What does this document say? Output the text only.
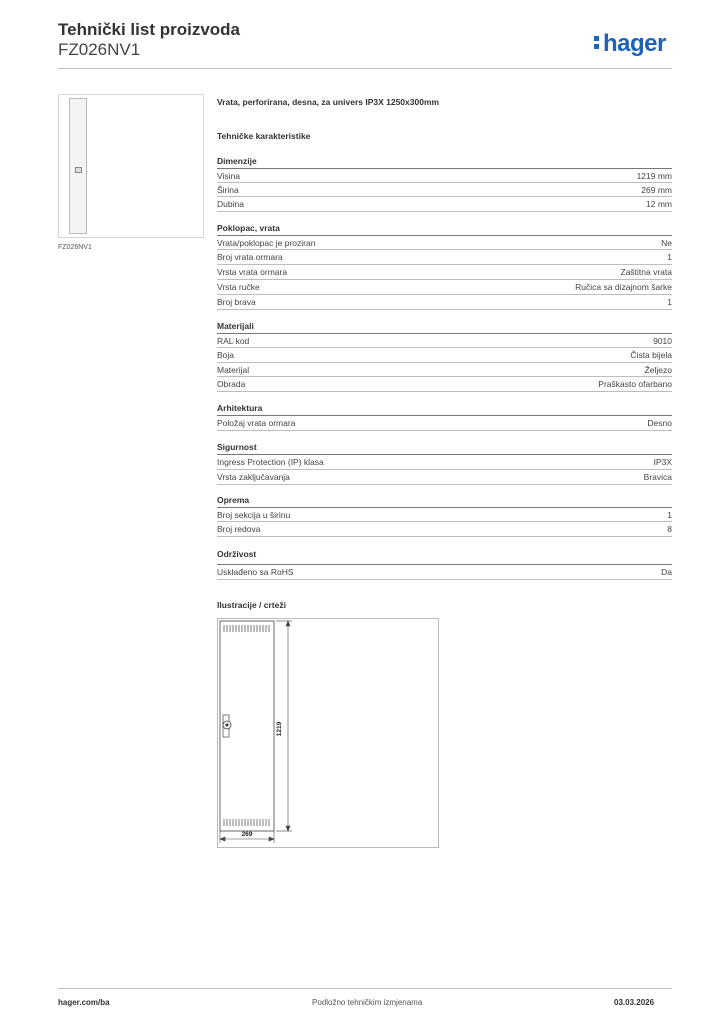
Tehnički list proizvoda
FZ026NV1	hager
FZ026NV1
Vrata, perforirana, desna, za univers IP3X 1250x300mm
Tehničke karakteristike
Dimenzije
Visina	1219 mm
Širina	269 mm
Dubina	12 mm
Poklopac, vrata
Vrata/poklopac je proziran	Ne
Broj vrata ormara	1
Vrsta vrata ormara	Zaštitna vrata
Vrsta ručke	Ručica sa dizajnom šarke
Broj brava	1
Materijali
RAL kod	9010
Boja	Čista bijela
Materijal	Željezo
Obrada	Praškasto ofarbano
Arhitektura
Položaj vrata ormara	Desno
Sigurnost
Ingress Protection (IP) klasa	IP3X
Vrsta zaključavanja	Bravica
Oprema
Broj sekcija u širinu	1
Broj redova	8
Održivost
Usklađeno sa RoHS	Da
Ilustracije / crteži
1219
269
hager.com/ba	Podložno tehničkim izmjenama	03.03.2026
